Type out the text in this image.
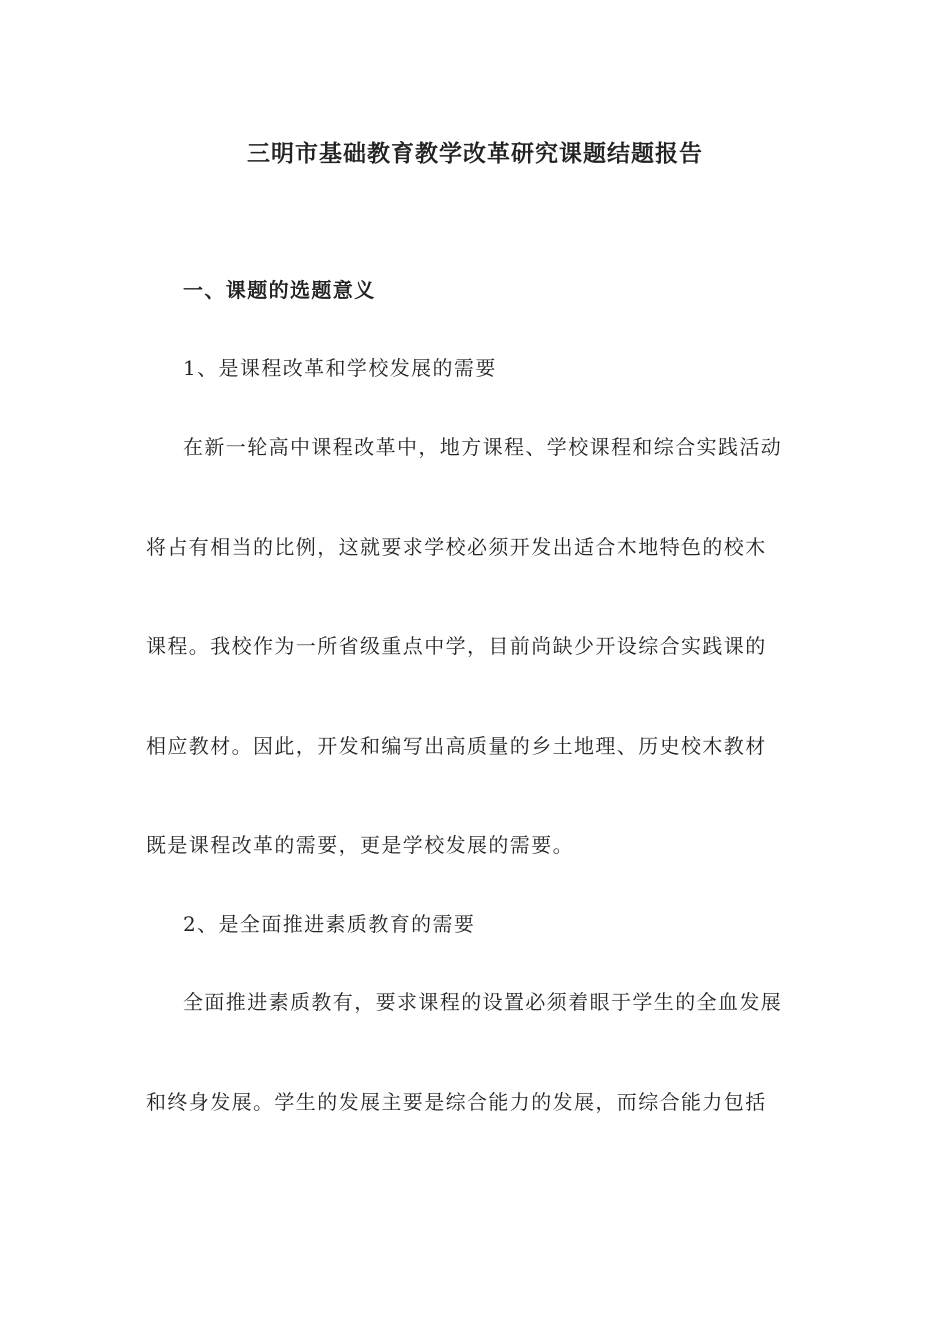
三明市基础教育教学改革研究课题结题报告
一、课题的选题意义
1、是课程改革和学校发展的需要
在新一轮高中课程改革中，地方课程、学校课程和综合实践活动
将占有相当的比例，这就要求学校必须开发出适合木地特色的校木
课程。我校作为一所省级重点中学，目前尚缺少开设综合实践课的
相应教材。因此，开发和编写出高质量的乡土地理、历史校木教材
既是课程改革的需要，更是学校发展的需要。
2、是全面推进素质教育的需要
全面推进素质教有，要求课程的设置必须着眼于学生的全血发展
和终身发展。学生的发展主要是综合能力的发展，而综合能力包括
